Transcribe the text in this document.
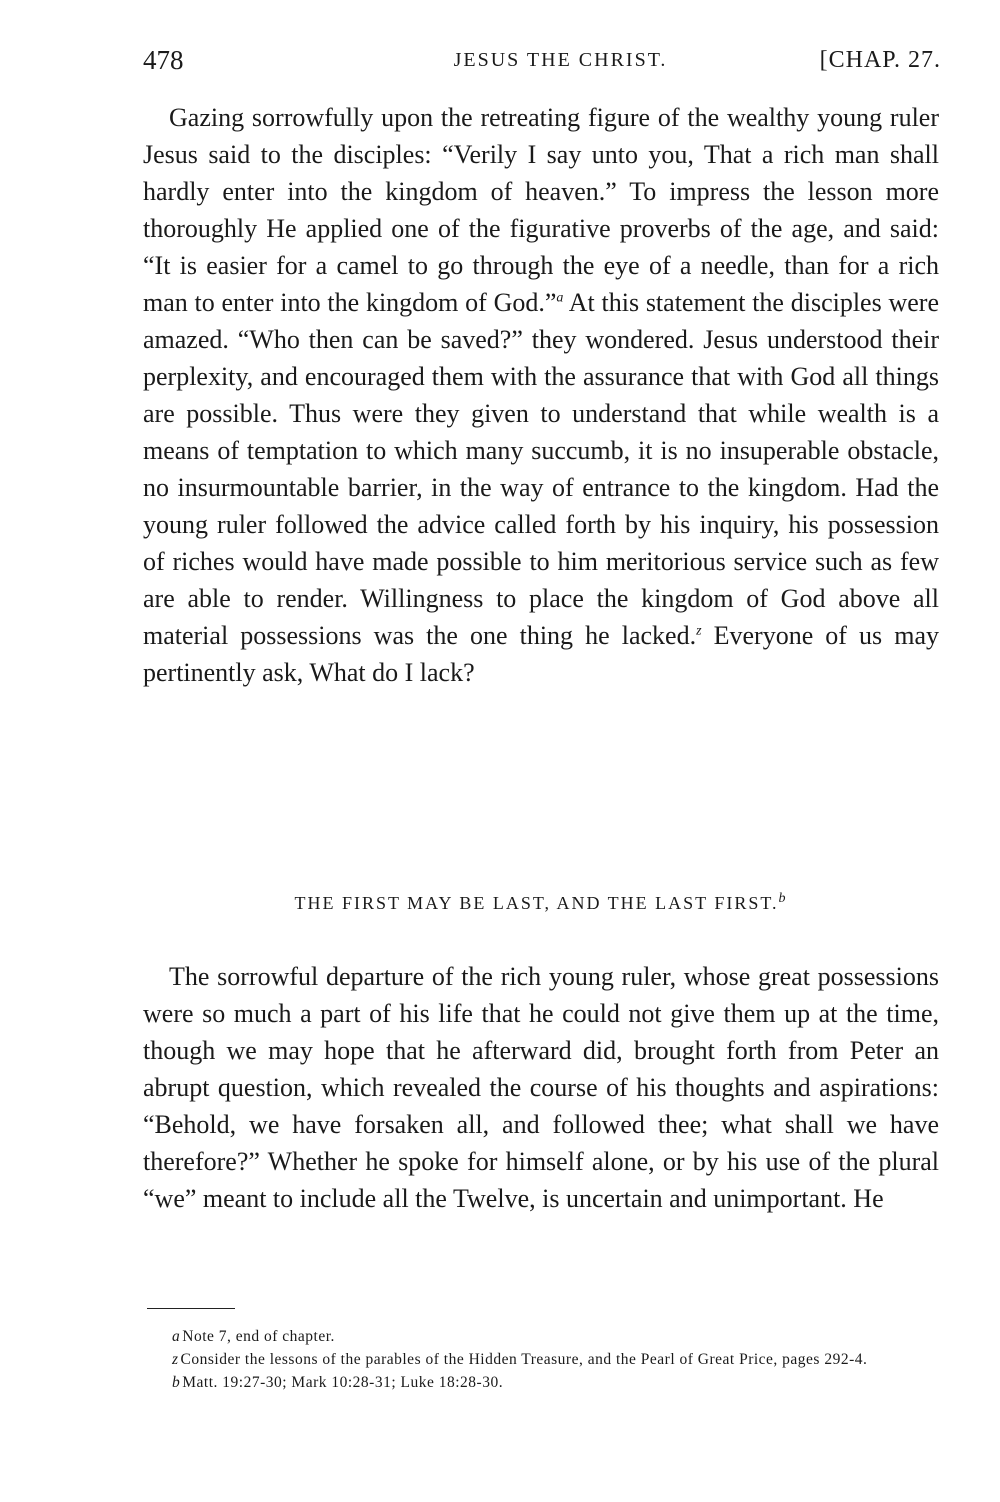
478	JESUS THE CHRIST.	[CHAP. 27.

Gazing sorrowfully upon the retreating figure of the wealthy young ruler Jesus said to the disciples: “Verily I say unto you, That a rich man shall hardly enter into the kingdom of heaven.” To impress the lesson more thoroughly He applied one of the figurative proverbs of the age, and said: “It is easier for a camel to go through the eye of a needle, than for a rich man to enter into the kingdom of God.”$^a$ At this statement the disciples were amazed. “Who then can be saved?” they wondered. Jesus understood their perplexity, and encouraged them with the assurance that with God all things are possible. Thus were they given to understand that while wealth is a means of temptation to which many succumb, it is no insuperable obstacle, no insurmountable barrier, in the way of entrance to the kingdom. Had the young ruler followed the advice called forth by his inquiry, his possession of riches would have made possible to him meritorious service such as few are able to render. Willingness to place the kingdom of God above all material possessions was the one thing he lacked.$^z$ Everyone of us may pertinently ask, What do I lack?

THE FIRST MAY BE LAST, AND THE LAST FIRST.$^b$

The sorrowful departure of the rich young ruler, whose great possessions were so much a part of his life that he could not give them up at the time, though we may hope that he afterward did, brought forth from Peter an abrupt question, which revealed the course of his thoughts and aspirations: “Behold, we have forsaken all, and followed thee; what shall we have therefore?” Whether he spoke for himself alone, or by his use of the plural “we” meant to include all the Twelve, is uncertain and unimportant. He

a Note 7, end of chapter.

z Consider the lessons of the parables of the Hidden Treasure, and the Pearl of Great Price, pages 292-4.

b Matt. 19:27-30; Mark 10:28-31; Luke 18:28-30.
